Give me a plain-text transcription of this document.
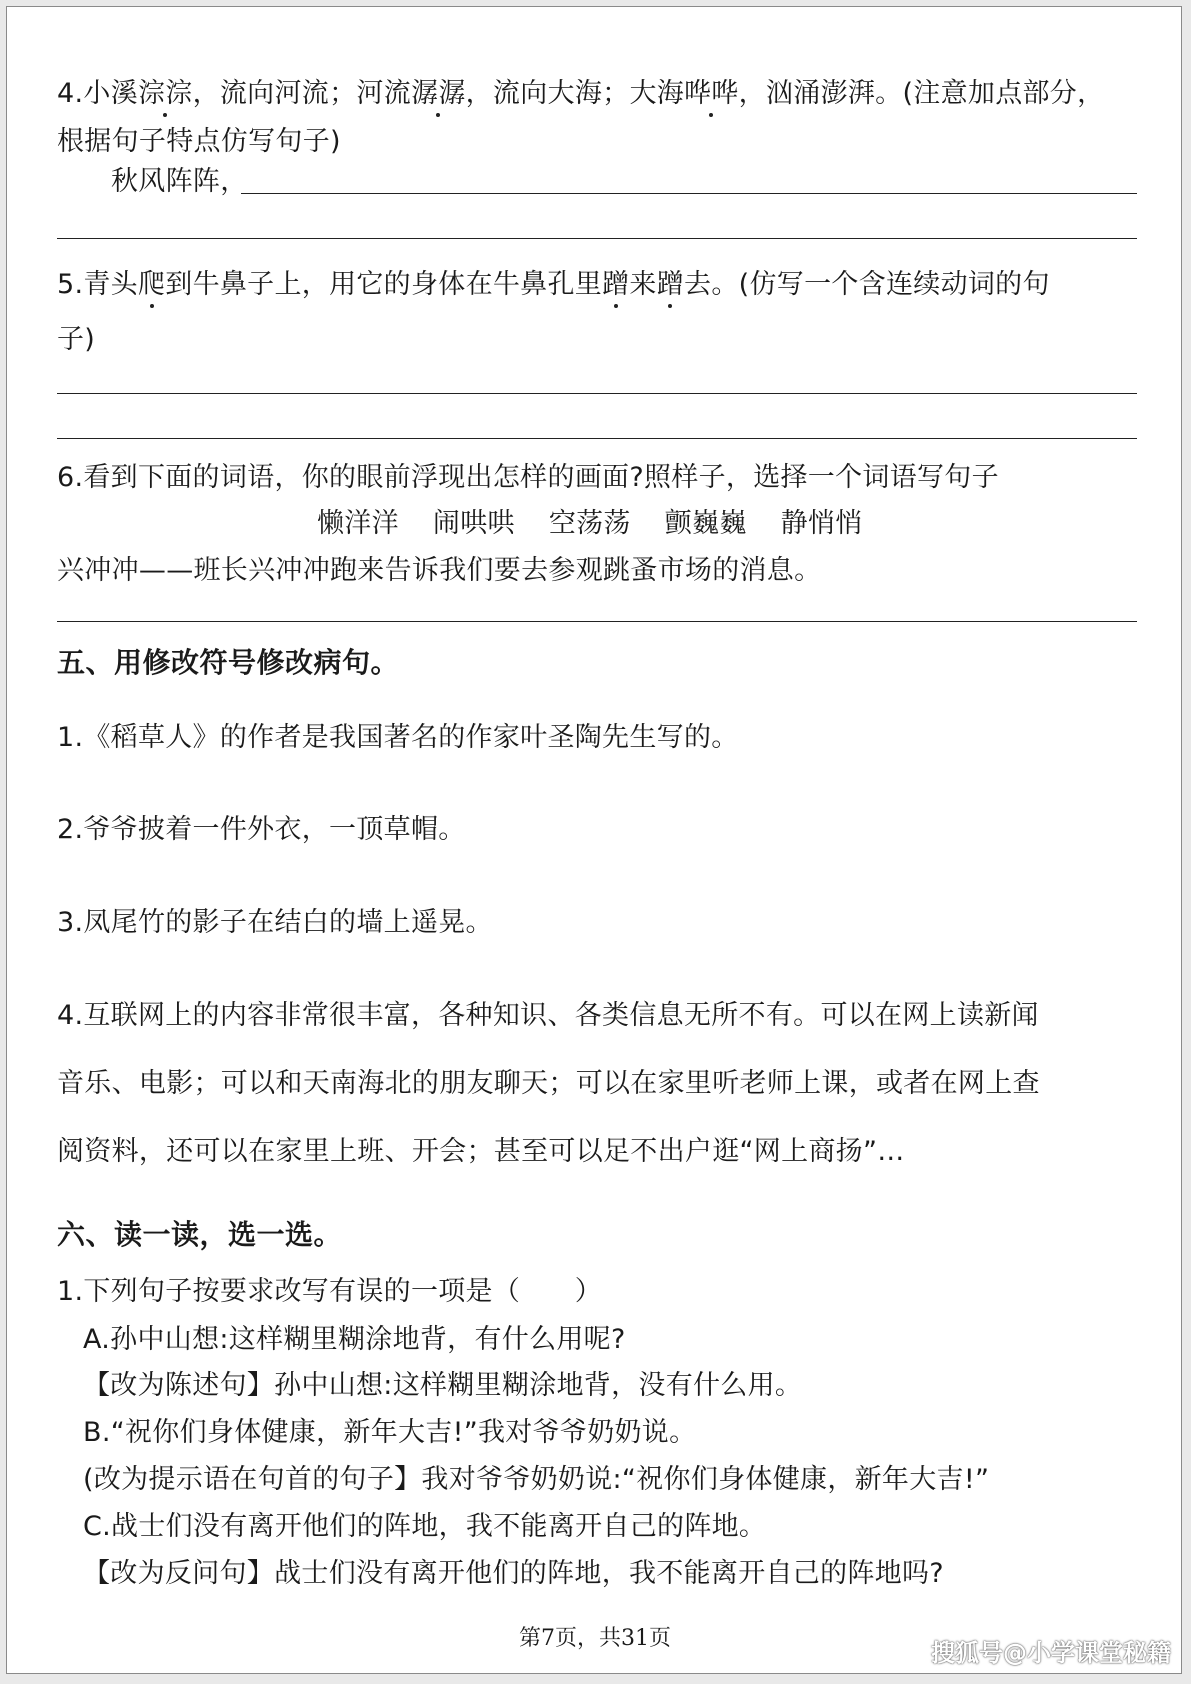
4.小溪淙淙，流向河流；河流潺潺，流向大海；大海哗哗，汹涌澎湃。(注意加点部分，
根据句子特点仿写句子)
秋风阵阵，
5.青头爬到牛鼻子上，用它的身体在牛鼻孔里蹭来蹭去。(仿写一个含连续动词的句
子)
6.看到下面的词语，你的眼前浮现出怎样的画面?照样子，选择一个词语写句子
懒洋洋 闹哄哄 空荡荡 颤巍巍 静悄悄
兴冲冲——班长兴冲冲跑来告诉我们要去参观跳蚤市场的消息。
五、用修改符号修改病句。
1.《稻草人》的作者是我国著名的作家叶圣陶先生写的。
2.爷爷披着一件外衣，一顶草帽。
3.凤尾竹的影子在结白的墙上遥晃。
4.互联网上的内容非常很丰富，各种知识、各类信息无所不有。可以在网上读新闻
音乐、电影；可以和天南海北的朋友聊天；可以在家里听老师上课，或者在网上查
阅资料，还可以在家里上班、开会；甚至可以足不出户逛“网上商扬”…
六、读一读，选一选。
1.下列句子按要求改写有误的一项是（　　）
A.孙中山想:这样糊里糊涂地背，有什么用呢?
【改为陈述句】孙中山想:这样糊里糊涂地背，没有什么用。
B.“祝你们身体健康，新年大吉!”我对爷爷奶奶说。
(改为提示语在句首的句子】我对爷爷奶奶说:“祝你们身体健康，新年大吉!”
C.战士们没有离开他们的阵地，我不能离开自己的阵地。
【改为反问句】战士们没有离开他们的阵地，我不能离开自己的阵地吗?
第7页，共31页
搜狐号@小学课堂秘籍
